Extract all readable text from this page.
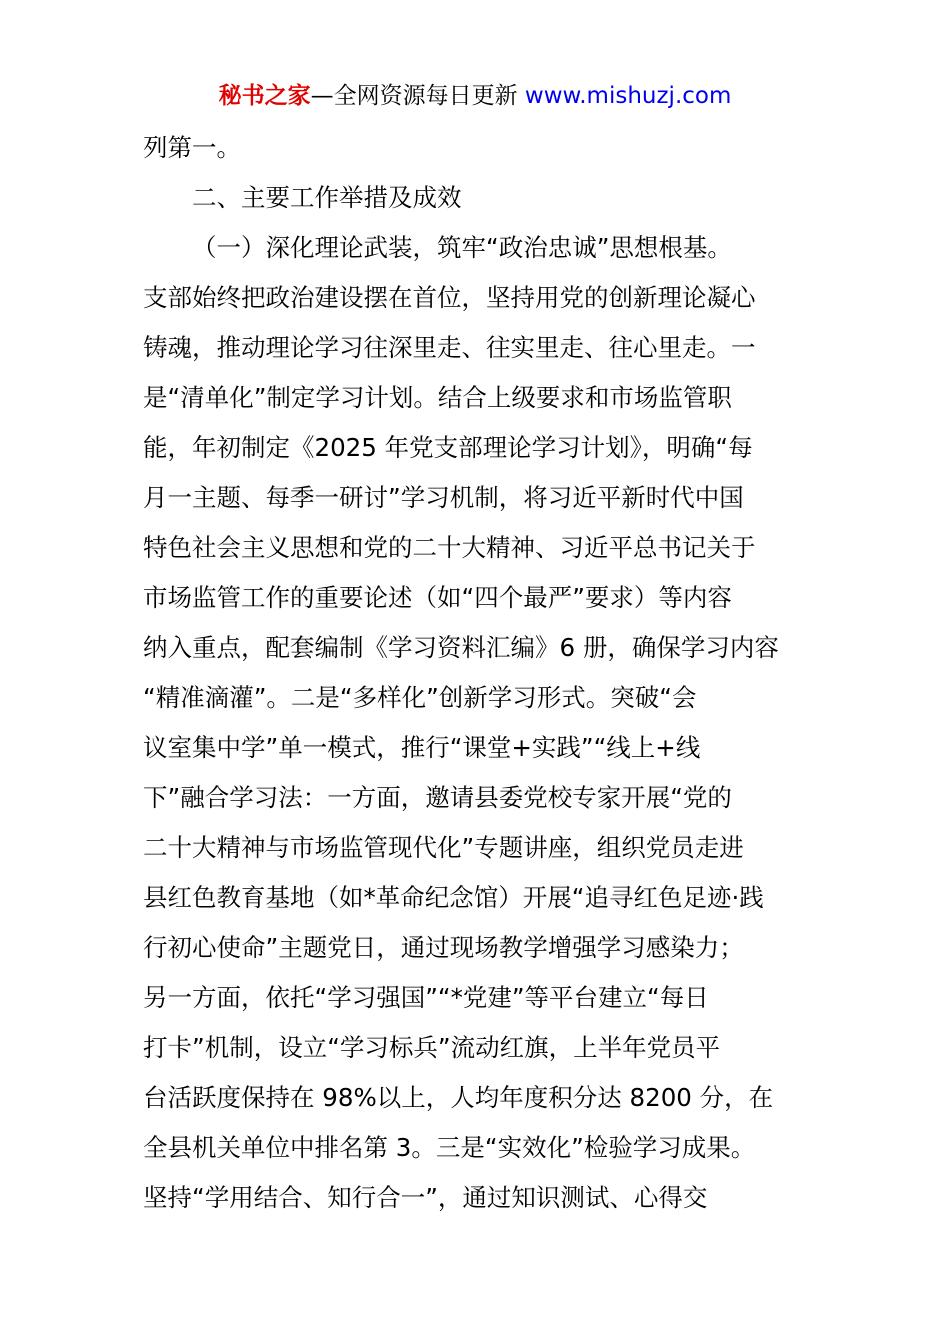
秘书之家—全网资源每日更新 www.mishuzj.com
列第一。
二、主要工作举措及成效
（一）深化理论武装，筑牢“政治忠诚”思想根基。
支部始终把政治建设摆在首位，坚持用党的创新理论凝心
铸魂，推动理论学习往深里走、往实里走、往心里走。一
是“清单化”制定学习计划。结合上级要求和市场监管职
能，年初制定《2025 年党支部理论学习计划》，明确“每
月一主题、每季一研讨”学习机制，将习近平新时代中国
特色社会主义思想和党的二十大精神、习近平总书记关于
市场监管工作的重要论述（如“四个最严”要求）等内容
纳入重点，配套编制《学习资料汇编》6 册，确保学习内容
“精准滴灌”。二是“多样化”创新学习形式。突破“会
议室集中学”单一模式，推行“课堂+实践”“线上+线
下”融合学习法：一方面，邀请县委党校专家开展“党的
二十大精神与市场监管现代化”专题讲座，组织党员走进
县红色教育基地（如*革命纪念馆）开展“追寻红色足迹·践
行初心使命”主题党日，通过现场教学增强学习感染力；
另一方面，依托“学习强国”“*党建”等平台建立“每日
打卡”机制，设立“学习标兵”流动红旗，上半年党员平
台活跃度保持在 98%以上，人均年度积分达 8200 分，在
全县机关单位中排名第 3。三是“实效化”检验学习成果。
坚持“学用结合、知行合一”，通过知识测试、心得交
